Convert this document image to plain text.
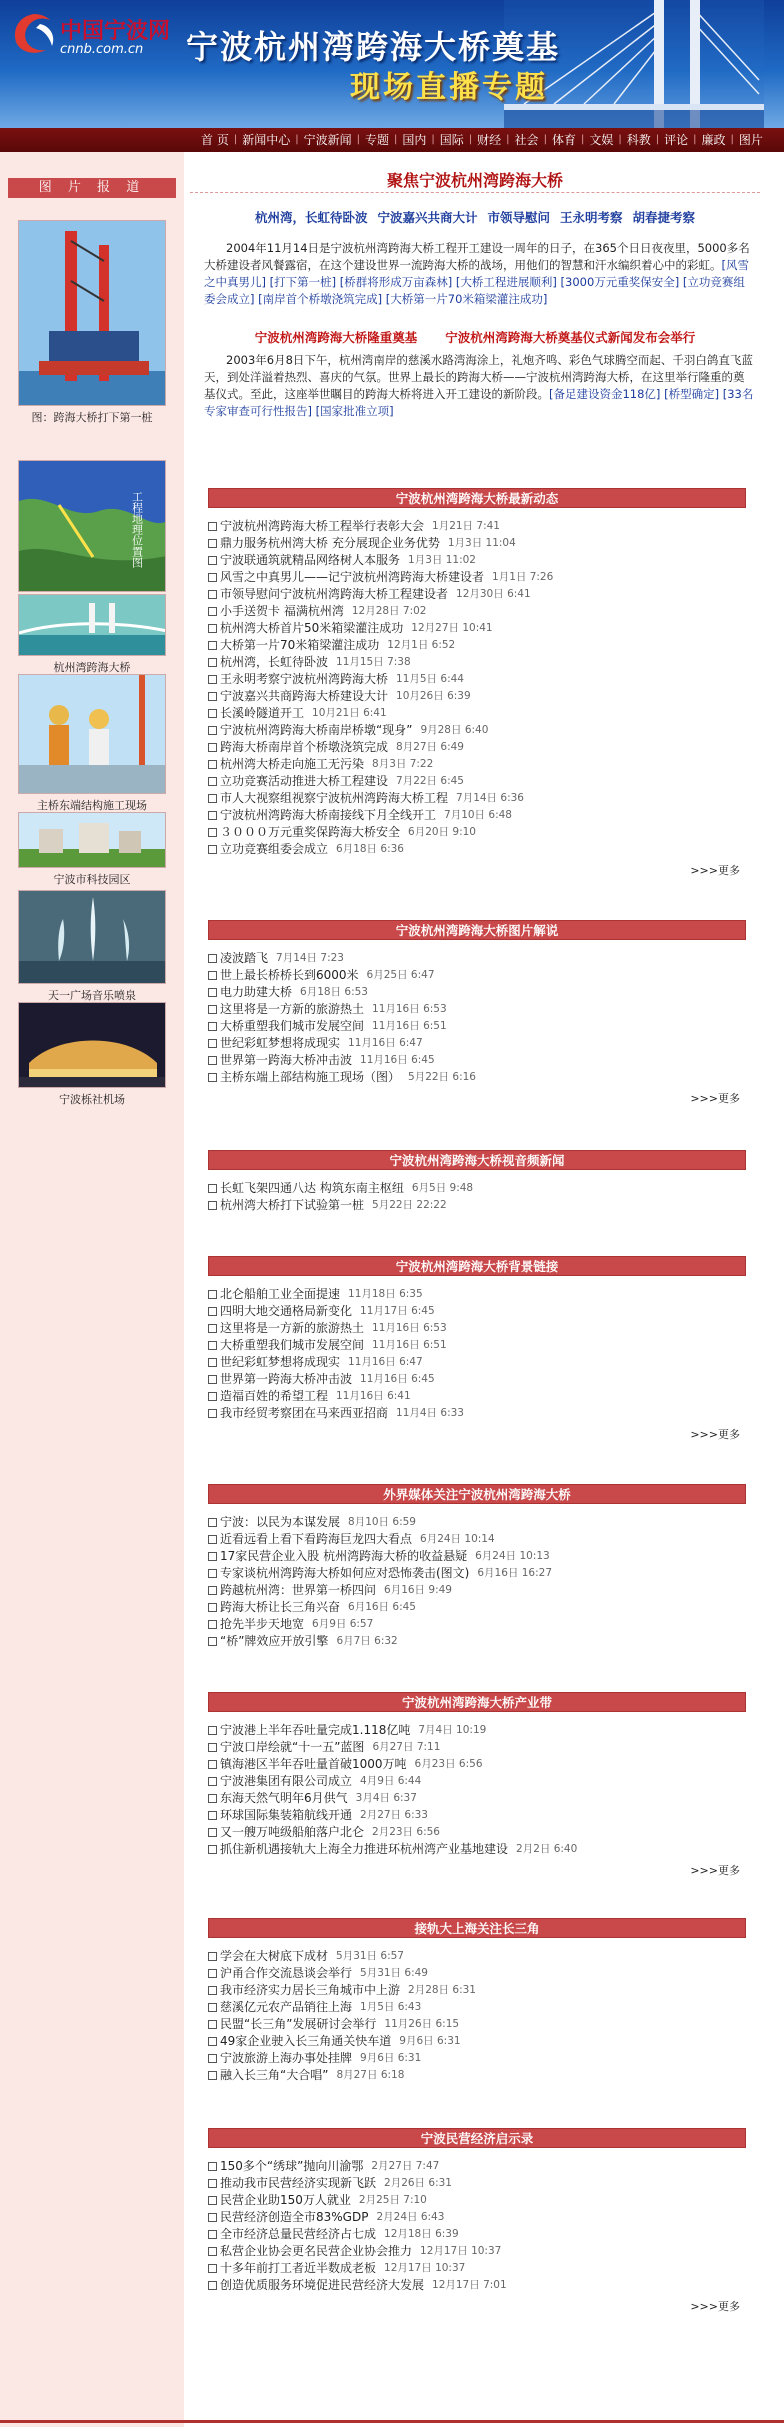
中国宁波网
cnnb.com.cn 宁波杭州湾跨海大桥奠基
现场直播专题
首 页 | 新闻中心 | 宁波新闻 | 专题 | 国内 | 国际 | 财经 | 社会 | 体育 | 文娱 | 科教 | 评论 | 廉政 | 图片
图 片 报 道
图：跨海大桥打下第一桩
工程地理位置图
杭州湾跨海大桥
主桥东端结构施工现场
宁波市科技园区
天一广场音乐喷泉
宁波栎社机场
聚焦宁波杭州湾跨海大桥
杭州湾，长虹待卧波 宁波嘉兴共商大计 市领导慰问 王永明考察 胡春捷考察
2004年11月14日是宁波杭州湾跨海大桥工程开工建设一周年的日子，在365个日日夜夜里，5000多名大桥建设者风餐露宿，在这个建设世界一流跨海大桥的战场，用他们的智慧和汗水编织着心中的彩虹。[风雪之中真男儿] [打下第一桩] [桥群将形成万亩森林] [大桥工程进展顺利] [3000万元重奖保安全] [立功竞赛组委会成立] [南岸首个桥墩浇筑完成] [大桥第一片70米箱梁灌注成功]
宁波杭州湾跨海大桥隆重奠基 宁波杭州湾跨海大桥奠基仪式新闻发布会举行
2003年6月8日下午，杭州湾南岸的慈溪水路湾海涂上，礼炮齐鸣、彩色气球腾空而起、千羽白鸽直飞蓝天，到处洋溢着热烈、喜庆的气氛。世界上最长的跨海大桥——宁波杭州湾跨海大桥，在这里举行隆重的奠基仪式。至此，这座举世瞩目的跨海大桥将进入开工建设的新阶段。[备足建设资金118亿] [桥型确定] [33名专家审查可行性报告] [国家批准立项]
宁波杭州湾跨海大桥最新动态
宁波杭州湾跨海大桥工程举行表彰大会 1月21日 7:41
鼎力服务杭州湾大桥 充分展现企业务优势 1月3日 11:04
宁波联通筑就精品网络树人本服务 1月3日 11:02
风雪之中真男儿——记宁波杭州湾跨海大桥建设者 1月1日 7:26
市领导慰问宁波杭州湾跨海大桥工程建设者 12月30日 6:41
小手送贺卡 福满杭州湾 12月28日 7:02
杭州湾大桥首片50米箱梁灌注成功 12月27日 10:41
大桥第一片70米箱梁灌注成功 12月1日 6:52
杭州湾，长虹待卧波 11月15日 7:38
王永明考察宁波杭州湾跨海大桥 11月5日 6:44
宁波嘉兴共商跨海大桥建设大计 10月26日 6:39
长溪岭隧道开工 10月21日 6:41
宁波杭州湾跨海大桥南岸桥墩“现身” 9月28日 6:40
跨海大桥南岸首个桥墩浇筑完成 8月27日 6:49
杭州湾大桥走向施工无污染 8月3日 7:22
立功竞赛活动推进大桥工程建设 7月22日 6:45
市人大视察组视察宁波杭州湾跨海大桥工程 7月14日 6:36
宁波杭州湾跨海大桥南接线下月全线开工 7月10日 6:48
３０００万元重奖保跨海大桥安全 6月20日 9:10
立功竞赛组委会成立 6月18日 6:36
>>>更多
宁波杭州湾跨海大桥图片解说
凌波踏飞 7月14日 7:23
世上最长桥桥长到6000米 6月25日 6:47
电力助建大桥 6月18日 6:53
这里将是一方新的旅游热土 11月16日 6:53
大桥重塑我们城市发展空间 11月16日 6:51
世纪彩虹梦想将成现实 11月16日 6:47
世界第一跨海大桥冲击波 11月16日 6:45
主桥东端上部结构施工现场（图） 5月22日 6:16
>>>更多
宁波杭州湾跨海大桥视音频新闻
长虹飞架四通八达 构筑东南主枢纽 6月5日 9:48
杭州湾大桥打下试验第一桩 5月22日 22:22
宁波杭州湾跨海大桥背景链接
北仑船舶工业全面提速 11月18日 6:35
四明大地交通格局新变化 11月17日 6:45
这里将是一方新的旅游热土 11月16日 6:53
大桥重塑我们城市发展空间 11月16日 6:51
世纪彩虹梦想将成现实 11月16日 6:47
世界第一跨海大桥冲击波 11月16日 6:45
造福百姓的希望工程 11月16日 6:41
我市经贸考察团在马来西亚招商 11月4日 6:33
>>>更多
外界媒体关注宁波杭州湾跨海大桥
宁波：以民为本谋发展 8月10日 6:59
近看远看上看下看跨海巨龙四大看点 6月24日 10:14
17家民营企业入股 杭州湾跨海大桥的收益悬疑 6月24日 10:13
专家谈杭州湾跨海大桥如何应对恐怖袭击(图文) 6月16日 16:27
跨越杭州湾：世界第一桥四问 6月16日 9:49
跨海大桥让长三角兴奋 6月16日 6:45
抢先半步天地宽 6月9日 6:57
“桥”牌效应开放引擎 6月7日 6:32
宁波杭州湾跨海大桥产业带
宁波港上半年吞吐量完成1.118亿吨 7月4日 10:19
宁波口岸绘就“十一五”蓝图 6月27日 7:11
镇海港区半年吞吐量首破1000万吨 6月23日 6:56
宁波港集团有限公司成立 4月9日 6:44
东海天然气明年6月供气 3月4日 6:37
环球国际集装箱航线开通 2月27日 6:33
又一艘万吨级船舶落户北仑 2月23日 6:56
抓住新机遇接轨大上海全力推进环杭州湾产业基地建设 2月2日 6:40
>>>更多
接轨大上海关注长三角
学会在大树底下成材 5月31日 6:57
沪甬合作交流恳谈会举行 5月31日 6:49
我市经济实力居长三角城市中上游 2月28日 6:31
慈溪亿元农产品销往上海 1月5日 6:43
民盟“长三角”发展研讨会举行 11月26日 6:15
49家企业驶入长三角通关快车道 9月6日 6:31
宁波旅游上海办事处挂牌 9月6日 6:31
融入长三角“大合唱” 8月27日 6:18
宁波民营经济启示录
150多个“绣球”抛向川渝鄂 2月27日 7:47
推动我市民营经济实现新飞跃 2月26日 6:31
民营企业助150万人就业 2月25日 7:10
民营经济创造全市83%GDP 2月24日 6:43
全市经济总量民营经济占七成 12月18日 6:39
私营企业协会更名民营企业协会推力 12月17日 10:37
十多年前打工者近半数成老板 12月17日 10:37
创造优质服务环境促进民营经济大发展 12月17日 7:01
>>>更多
